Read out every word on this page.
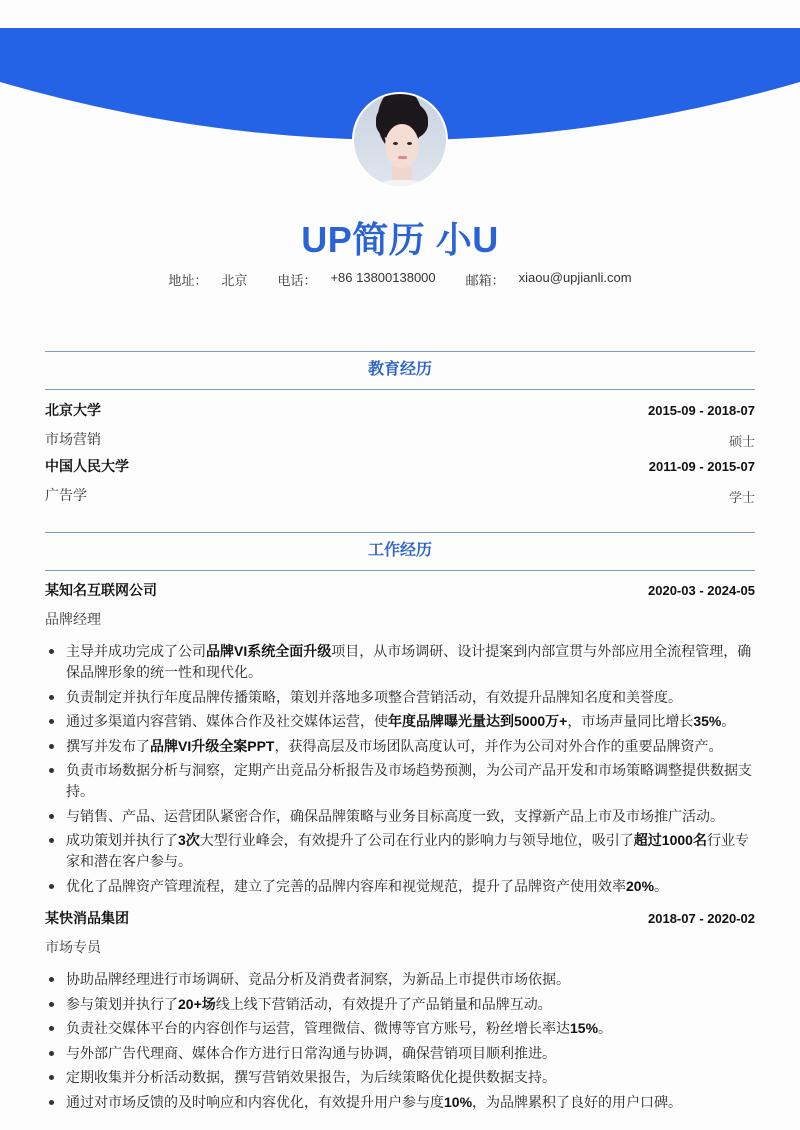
UP简历 小U
地址： 北京 电话： +86 13800138000 邮箱： xiaou@upjianli.com
教育经历
北京大学	2015-09 - 2018-07
市场营销	硕士
中国人民大学	2011-09 - 2015-07
广告学	学士
工作经历
某知名互联网公司	2020-03 - 2024-05
品牌经理
主导并成功完成了公司品牌VI系统全面升级项目，从市场调研、设计提案到内部宣贯与外部应用全流程管理，确保品牌形象的统一性和现代化。
负责制定并执行年度品牌传播策略，策划并落地多项整合营销活动，有效提升品牌知名度和美誉度。
通过多渠道内容营销、媒体合作及社交媒体运营，使年度品牌曝光量达到5000万+，市场声量同比增长35%。
撰写并发布了品牌VI升级全案PPT，获得高层及市场团队高度认可，并作为公司对外合作的重要品牌资产。
负责市场数据分析与洞察，定期产出竞品分析报告及市场趋势预测，为公司产品开发和市场策略调整提供数据支持。
与销售、产品、运营团队紧密合作，确保品牌策略与业务目标高度一致，支撑新产品上市及市场推广活动。
成功策划并执行了3次大型行业峰会，有效提升了公司在行业内的影响力与领导地位，吸引了超过1000名行业专家和潜在客户参与。
优化了品牌资产管理流程，建立了完善的品牌内容库和视觉规范，提升了品牌资产使用效率20%。
某快消品集团	2018-07 - 2020-02
市场专员
协助品牌经理进行市场调研、竞品分析及消费者洞察，为新品上市提供市场依据。
参与策划并执行了20+场线上线下营销活动，有效提升了产品销量和品牌互动。
负责社交媒体平台的内容创作与运营，管理微信、微博等官方账号，粉丝增长率达15%。
与外部广告代理商、媒体合作方进行日常沟通与协调，确保营销项目顺利推进。
定期收集并分析活动数据，撰写营销效果报告，为后续策略优化提供数据支持。
通过对市场反馈的及时响应和内容优化，有效提升用户参与度10%，为品牌累积了良好的用户口碑。
